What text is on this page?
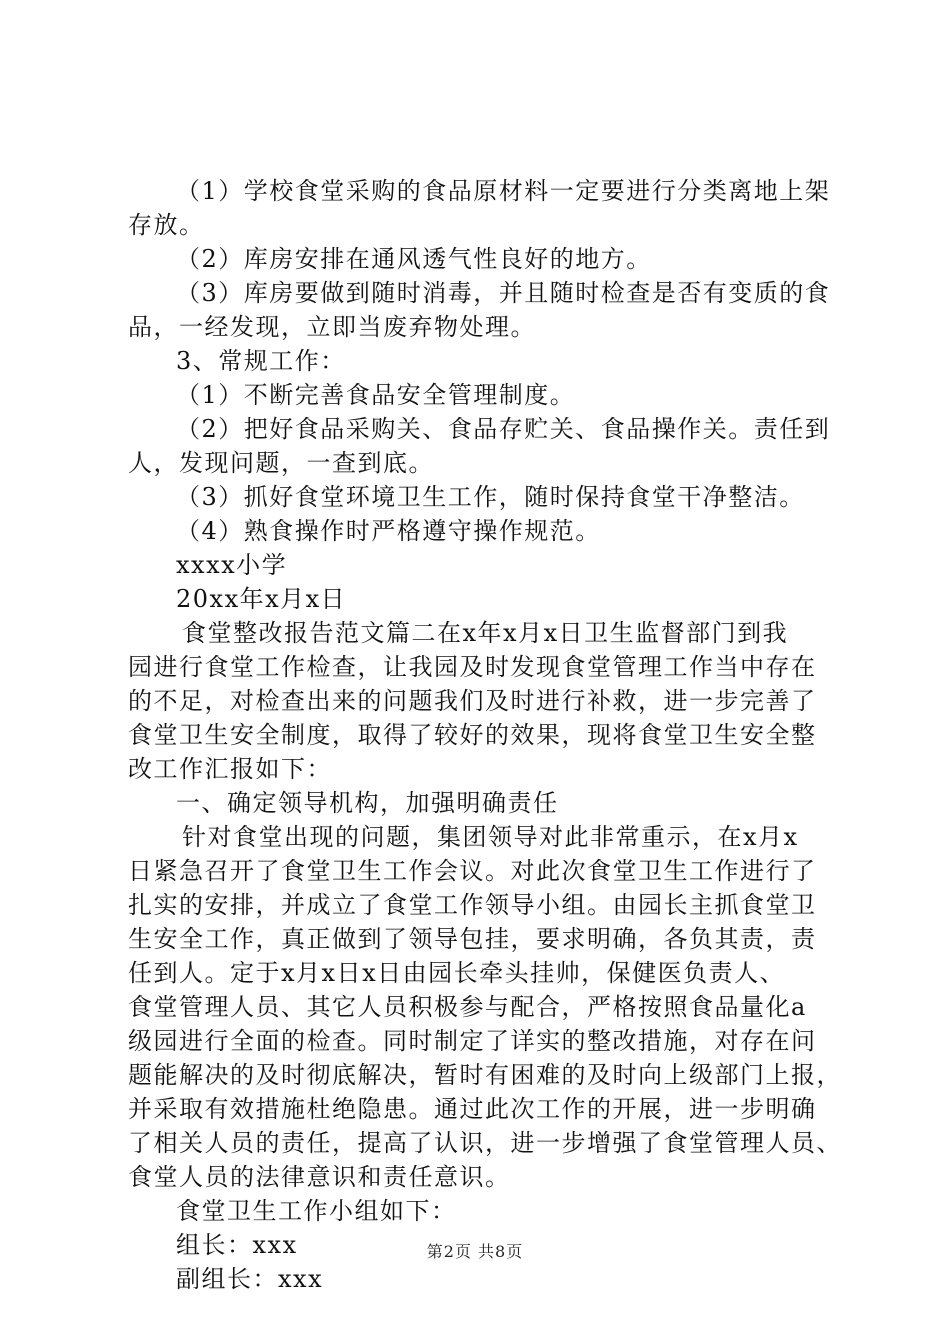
（1）学校食堂采购的食品原材料一定要进行分类离地上架
存放。
（2）库房安排在通风透气性良好的地方。
（3）库房要做到随时消毒，并且随时检查是否有变质的食
品，一经发现，立即当废弃物处理。
3、常规工作：
（1）不断完善食品安全管理制度。
（2）把好食品采购关、食品存贮关、食品操作关。责任到
人，发现问题，一查到底。
（3）抓好食堂环境卫生工作，随时保持食堂干净整洁。
（4）熟食操作时严格遵守操作规范。
xxxx小学
20xx年x月x日
食堂整改报告范文篇二在x年x月x日卫生监督部门到我
园进行食堂工作检查，让我园及时发现食堂管理工作当中存在
的不足，对检查出来的问题我们及时进行补救，进一步完善了
食堂卫生安全制度，取得了较好的效果，现将食堂卫生安全整
改工作汇报如下：
一、确定领导机构，加强明确责任
针对食堂出现的问题，集团领导对此非常重示，在x月x
日紧急召开了食堂卫生工作会议。对此次食堂卫生工作进行了
扎实的安排，并成立了食堂工作领导小组。由园长主抓食堂卫
生安全工作，真正做到了领导包挂，要求明确，各负其责，责
任到人。定于x月x日x日由园长牵头挂帅，保健医负责人、
食堂管理人员、其它人员积极参与配合，严格按照食品量化a
级园进行全面的检查。同时制定了详实的整改措施，对存在问
题能解决的及时彻底解决，暂时有困难的及时向上级部门上报，
并采取有效措施杜绝隐患。通过此次工作的开展，进一步明确
了相关人员的责任，提高了认识，进一步增强了食堂管理人员、
食堂人员的法律意识和责任意识。
食堂卫生工作小组如下：
组长：xxx
副组长：xxx
第2页 共8页
